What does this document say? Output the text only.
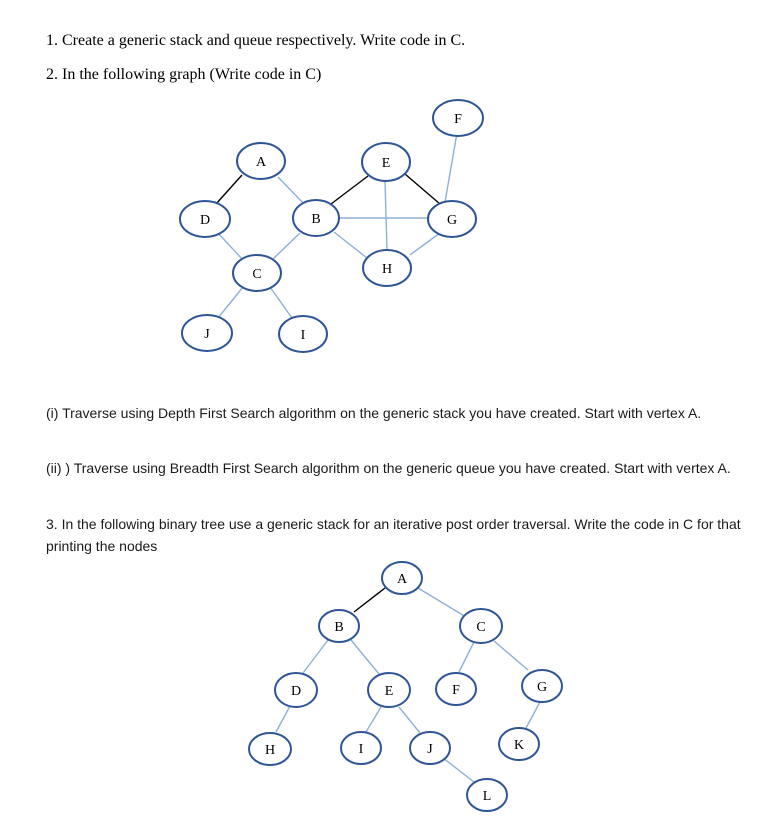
1. Create a generic stack and queue respectively. Write code in C.
2. In the following graph (Write code in C)
A
B
C
D
E
F
G
H
I
J
A
B	C
D	E	F	G
H	I	J	K
L
(i) Traverse using Depth First Search algorithm on the generic stack you have created. Start with vertex A.
(ii) ) Traverse using Breadth First Search algorithm on the generic queue you have created. Start with vertex A.
3. In the following binary tree use a generic stack for an iterative post order traversal. Write the code in C for that printing the nodes
